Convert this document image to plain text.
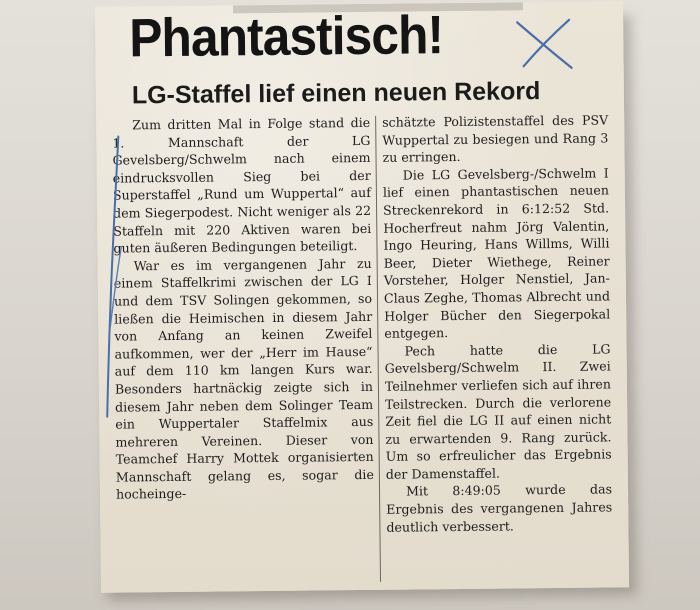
Phantastisch!
LG-Staffel lief einen neuen Rekord

Zum dritten Mal in Folge stand die 1. Mannschaft der LG Gevelsberg/Schwelm nach einem eindrucksvollen Sieg bei der Superstaffel „Rund um Wuppertal“ auf dem Siegerpodest. Nicht weniger als 22 Staffeln mit 220 Aktiven waren bei guten äußeren Bedingungen beteiligt.

War es im vergangenen Jahr zu einem Staffelkrimi zwischen der LG I und dem TSV Solingen gekommen, so ließen die Heimischen in diesem Jahr von Anfang an keinen Zweifel aufkommen, wer der „Herr im Hause“ auf dem 110 km langen Kurs war. Besonders hartnäckig zeigte sich in diesem Jahr neben dem Solinger Team ein Wuppertaler Staffelmix aus mehreren Vereinen. Dieser von Teamchef Harry Mottek organisierten Mannschaft gelang es, sogar die hocheinge-

schätzte Polizistenstaffel des PSV Wuppertal zu besiegen und Rang 3 zu erringen.

Die LG Gevelsberg-/Schwelm I lief einen phantastischen neuen Streckenrekord in 6:12:52 Std. Hocherfreut nahm Jörg Valentin, Ingo Heuring, Hans Willms, Willi Beer, Dieter Wiethege, Reiner Vorsteher, Holger Nenstiel, Jan-Claus Zeghe, Thomas Albrecht und Holger Bücher den Siegerpokal entgegen.

Pech hatte die LG Gevelsberg/Schwelm II. Zwei Teilnehmer verliefen sich auf ihren Teilstrecken. Durch die verlorene Zeit fiel die LG II auf einen nicht zu erwartenden 9. Rang zurück. Um so erfreulicher das Ergebnis der Damenstaffel.

Mit 8:49:05 wurde das Ergebnis des vergangenen Jahres deutlich verbessert.
